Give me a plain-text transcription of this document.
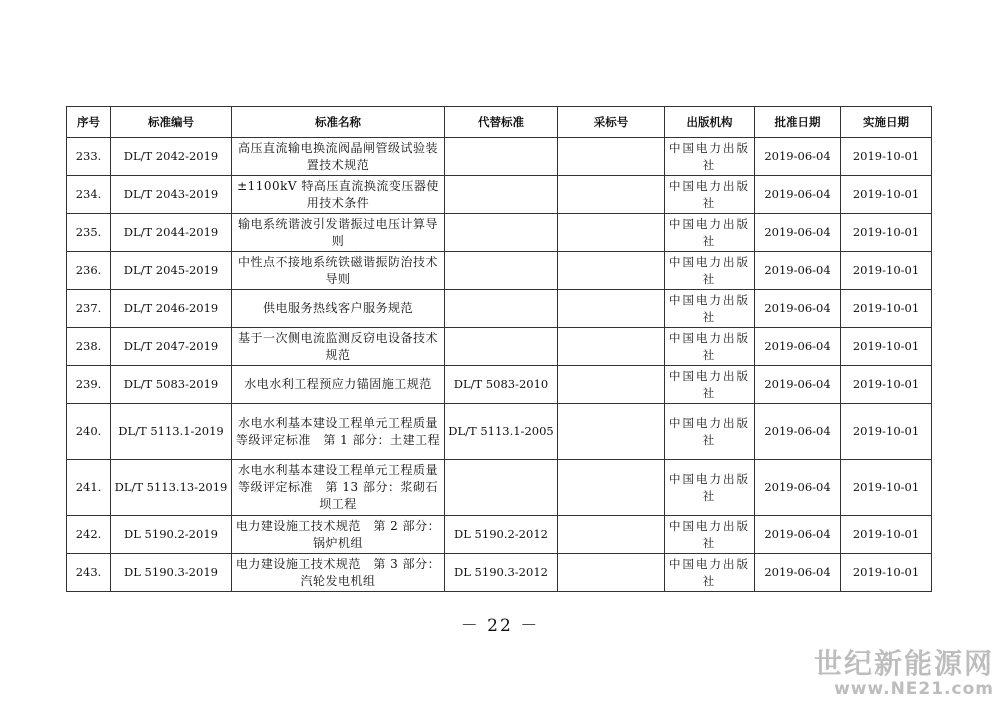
序号	标准编号	标准名称	代替标准	采标号	出版机构	批准日期	实施日期
233.	DL/T 2042-2019	高压直流输电换流阀晶闸管级试验装置技术规范			中国电力出版社	2019-06-04	2019-10-01
234.	DL/T 2043-2019	±1100kV 特高压直流换流变压器使用技术条件			中国电力出版社	2019-06-04	2019-10-01
235.	DL/T 2044-2019	输电系统谐波引发谐振过电压计算导则			中国电力出版社	2019-06-04	2019-10-01
236.	DL/T 2045-2019	中性点不接地系统铁磁谐振防治技术导则			中国电力出版社	2019-06-04	2019-10-01
237.	DL/T 2046-2019	供电服务热线客户服务规范			中国电力出版社	2019-06-04	2019-10-01
238.	DL/T 2047-2019	基于一次侧电流监测反窃电设备技术规范			中国电力出版社	2019-06-04	2019-10-01
239.	DL/T 5083-2019	水电水利工程预应力锚固施工规范	DL/T 5083-2010		中国电力出版社	2019-06-04	2019-10-01
240.	DL/T 5113.1-2019	水电水利基本建设工程单元工程质量等级评定标准　第 1 部分：土建工程	DL/T 5113.1-2005		中国电力出版社	2019-06-04	2019-10-01
241.	DL/T 5113.13-2019	水电水利基本建设工程单元工程质量等级评定标准　第 13 部分：浆砌石坝工程			中国电力出版社	2019-06-04	2019-10-01
242.	DL 5190.2-2019	电力建设施工技术规范　第 2 部分：锅炉机组	DL 5190.2-2012		中国电力出版社	2019-06-04	2019-10-01
243.	DL 5190.3-2019	电力建设施工技术规范　第 3 部分：汽轮发电机组	DL 5190.3-2012		中国电力出版社	2019-06-04	2019-10-01
－ 22 －
世纪新能源网
www.NE21.com
